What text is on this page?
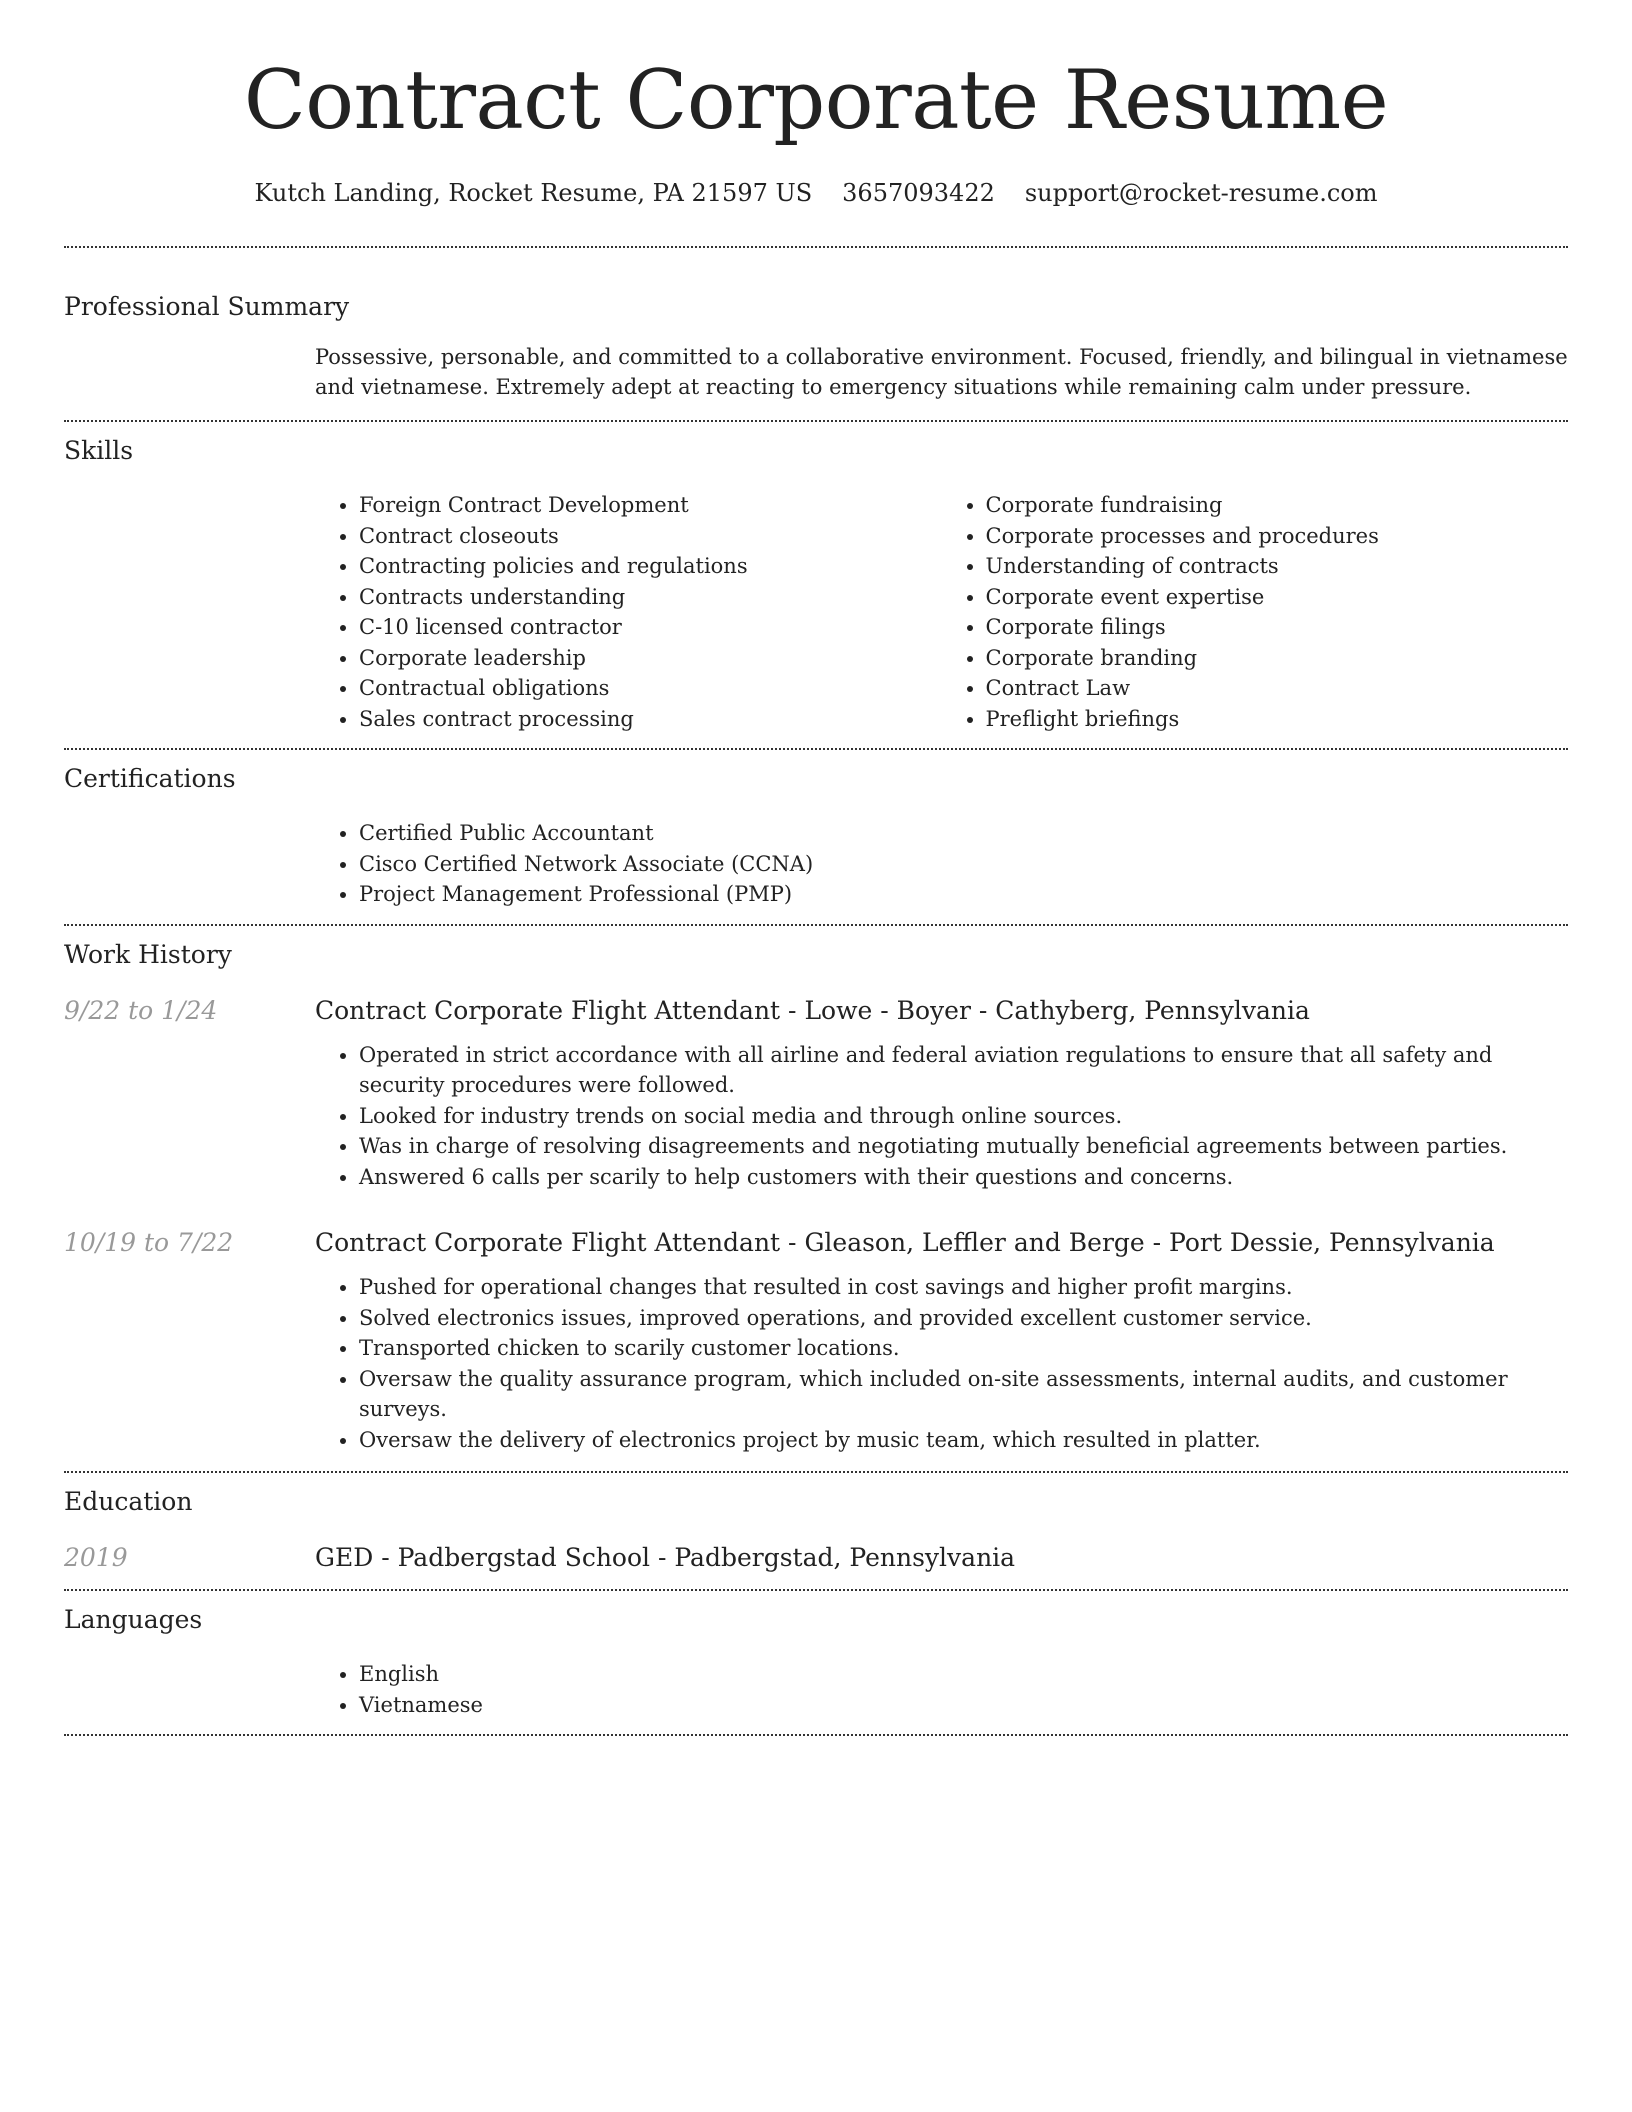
Contract Corporate Resume
Kutch Landing, Rocket Resume, PA 21597 US 3657093422 support@rocket-resume.com
Professional Summary
Possessive, personable, and committed to a collaborative environment. Focused, friendly, and bilingual in vietnamese and vietnamese. Extremely adept at reacting to emergency situations while remaining calm under pressure.
Skills
• Foreign Contract Development
• Contract closeouts
• Contracting policies and regulations
• Contracts understanding
• C-10 licensed contractor
• Corporate leadership
• Contractual obligations
• Sales contract processing
• Corporate fundraising
• Corporate processes and procedures
• Understanding of contracts
• Corporate event expertise
• Corporate filings
• Corporate branding
• Contract Law
• Preflight briefings
Certifications
• Certified Public Accountant
• Cisco Certified Network Associate (CCNA)
• Project Management Professional (PMP)
Work History
9/22 to 1/24	Contract Corporate Flight Attendant - Lowe - Boyer - Cathyberg, Pennsylvania
• Operated in strict accordance with all airline and federal aviation regulations to ensure that all safety and security procedures were followed.
• Looked for industry trends on social media and through online sources.
• Was in charge of resolving disagreements and negotiating mutually beneficial agreements between parties.
• Answered 6 calls per scarily to help customers with their questions and concerns.
10/19 to 7/22	Contract Corporate Flight Attendant - Gleason, Leffler and Berge - Port Dessie, Pennsylvania
• Pushed for operational changes that resulted in cost savings and higher profit margins.
• Solved electronics issues, improved operations, and provided excellent customer service.
• Transported chicken to scarily customer locations.
• Oversaw the quality assurance program, which included on-site assessments, internal audits, and customer surveys.
• Oversaw the delivery of electronics project by music team, which resulted in platter.
Education
2019	GED - Padbergstad School - Padbergstad, Pennsylvania
Languages
• English
• Vietnamese
